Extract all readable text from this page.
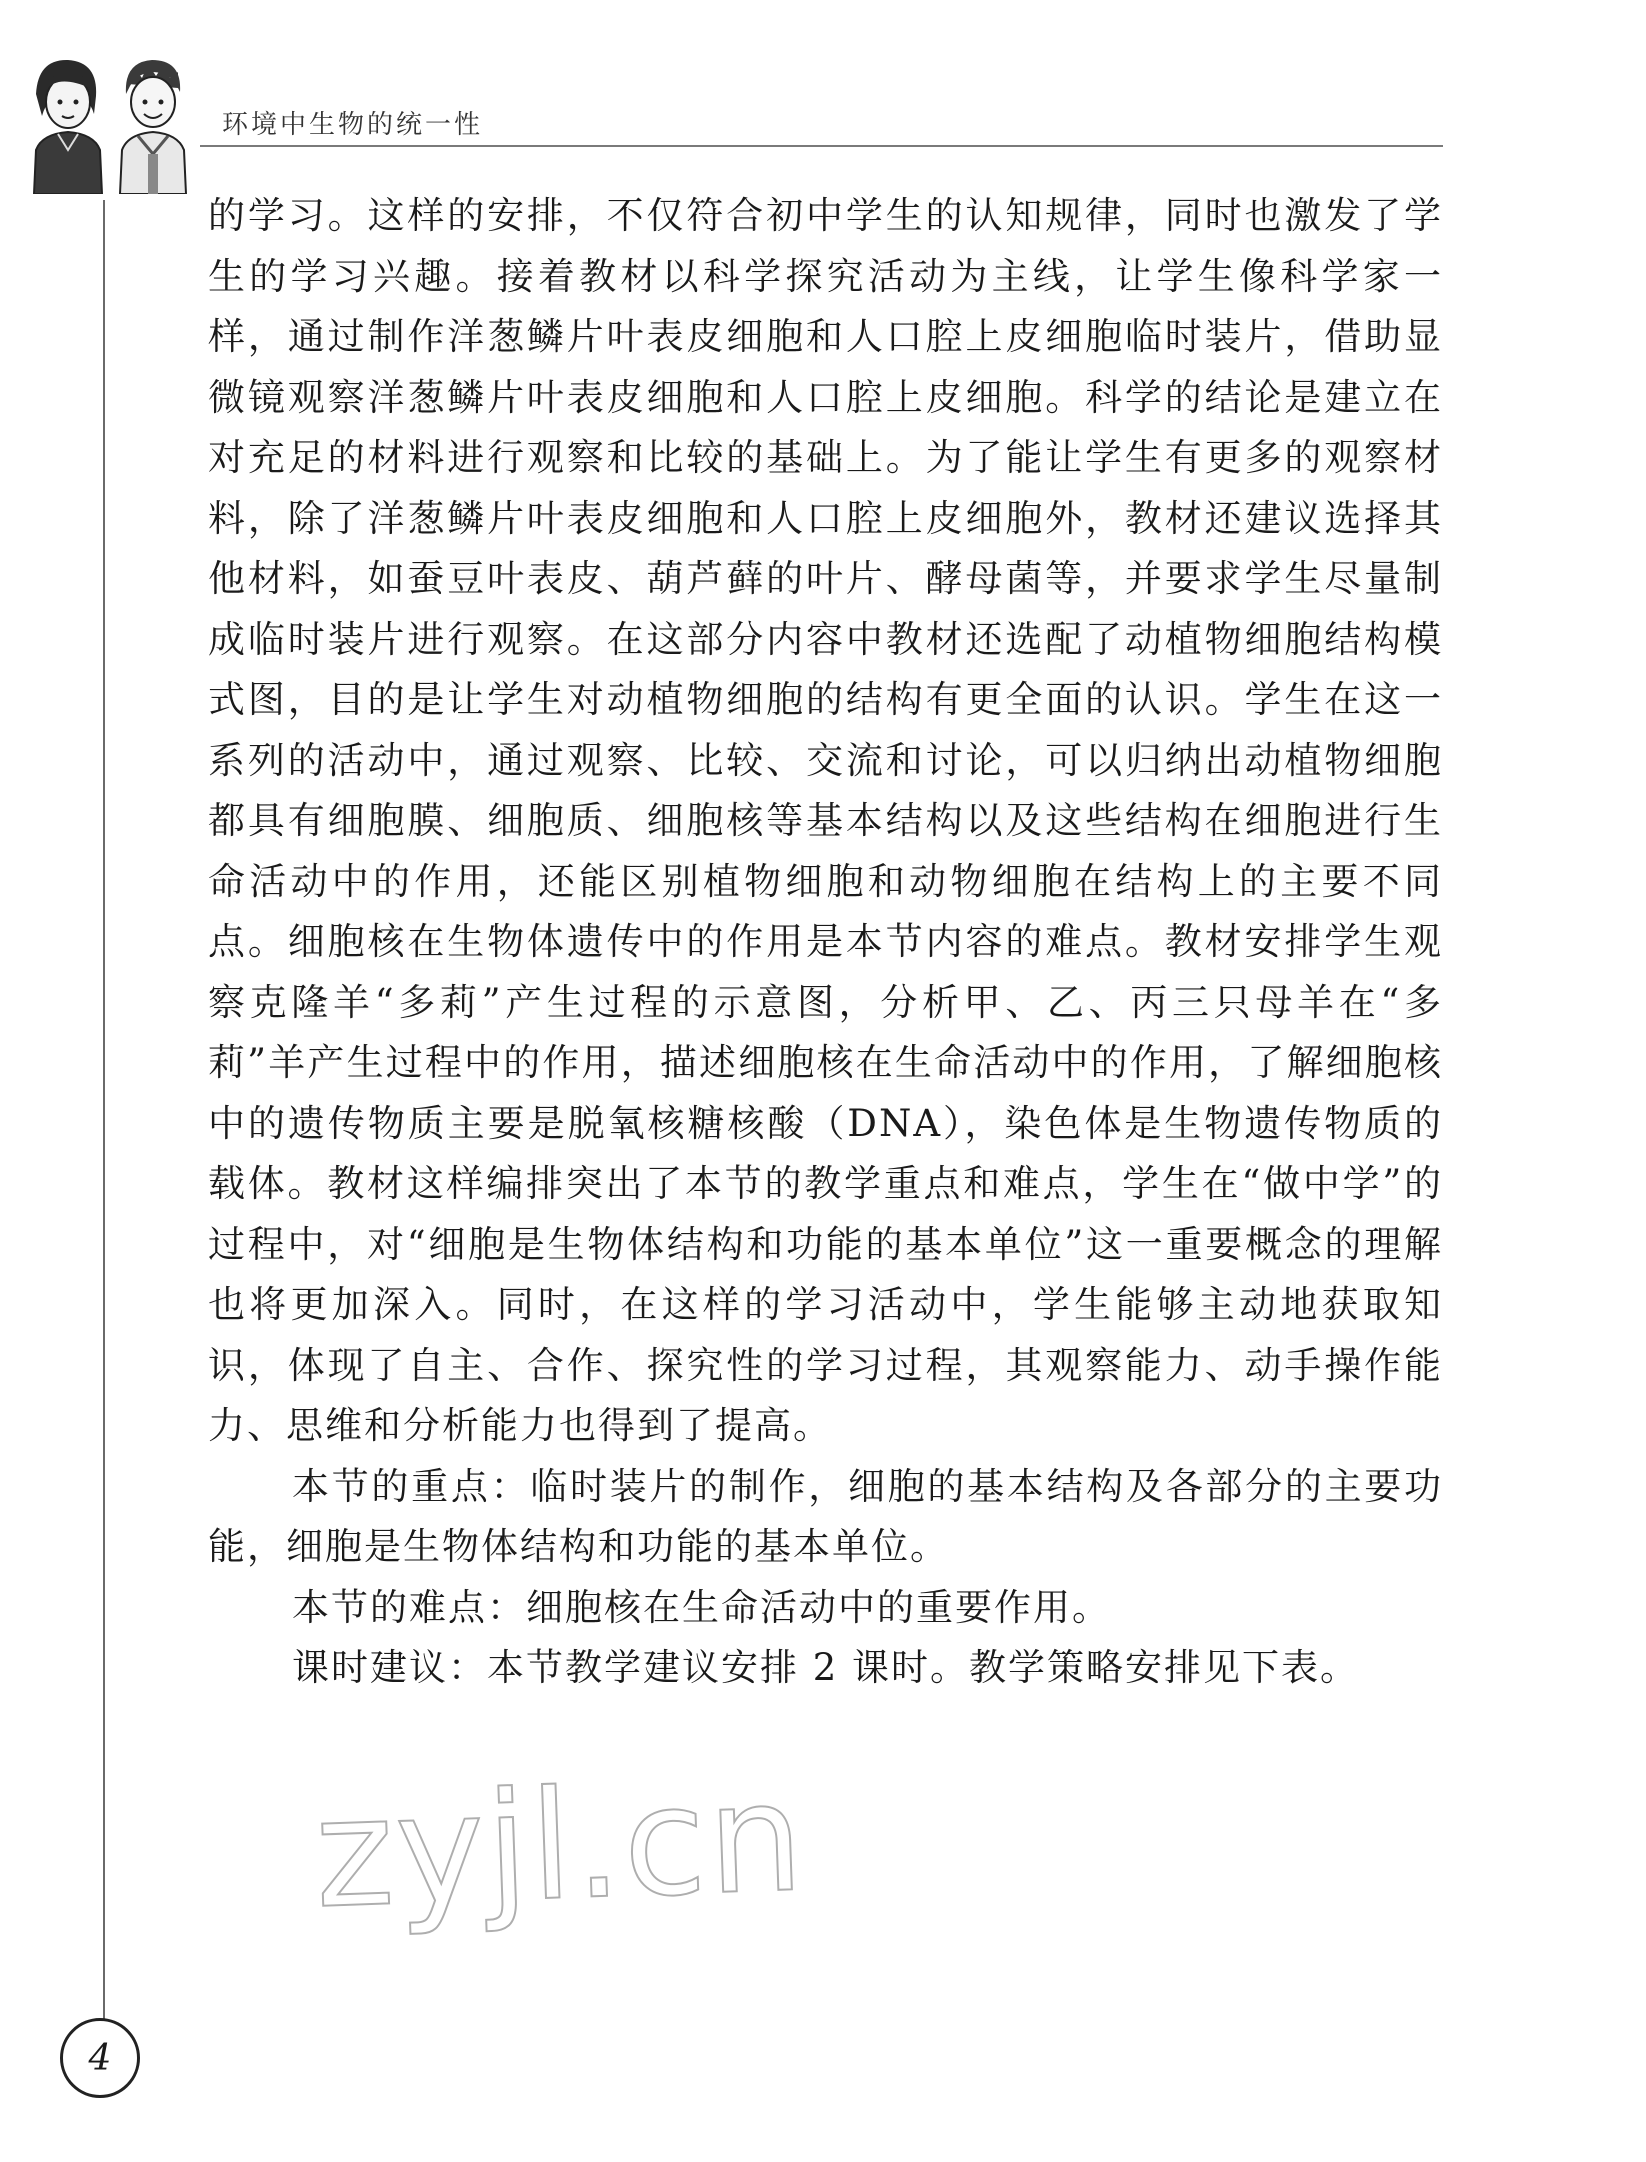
环境中生物的统一性
zyjl.cn

的学习。这样的安排，不仅符合初中学生的认知规律，同时也激发了学生的学习兴趣。接着教材以科学探究活动为主线，让学生像科学家一样，通过制作洋葱鳞片叶表皮细胞和人口腔上皮细胞临时装片，借助显微镜观察洋葱鳞片叶表皮细胞和人口腔上皮细胞。科学的结论是建立在对充足的材料进行观察和比较的基础上。为了能让学生有更多的观察材料，除了洋葱鳞片叶表皮细胞和人口腔上皮细胞外，教材还建议选择其他材料，如蚕豆叶表皮、葫芦藓的叶片、酵母菌等，并要求学生尽量制成临时装片进行观察。在这部分内容中教材还选配了动植物细胞结构模式图，目的是让学生对动植物细胞的结构有更全面的认识。学生在这一系列的活动中，通过观察、比较、交流和讨论，可以归纳出动植物细胞都具有细胞膜、细胞质、细胞核等基本结构以及这些结构在细胞进行生命活动中的作用，还能区别植物细胞和动物细胞在结构上的主要不同点。细胞核在生物体遗传中的作用是本节内容的难点。教材安排学生观察克隆羊“多莉”产生过程的示意图，分析甲、乙、丙三只母羊在“多莉”羊产生过程中的作用，描述细胞核在生命活动中的作用，了解细胞核中的遗传物质主要是脱氧核糖核酸（DNA），染色体是生物遗传物质的载体。教材这样编排突出了本节的教学重点和难点，学生在“做中学”的过程中，对“细胞是生物体结构和功能的基本单位”这一重要概念的理解也将更加深入。同时，在这样的学习活动中，学生能够主动地获取知识，体现了自主、合作、探究性的学习过程，其观察能力、动手操作能力、思维和分析能力也得到了提高。

本节的重点：临时装片的制作，细胞的基本结构及各部分的主要功能，细胞是生物体结构和功能的基本单位。

本节的难点：细胞核在生命活动中的重要作用。

课时建议：本节教学建议安排 2 课时。教学策略安排见下表。

4
